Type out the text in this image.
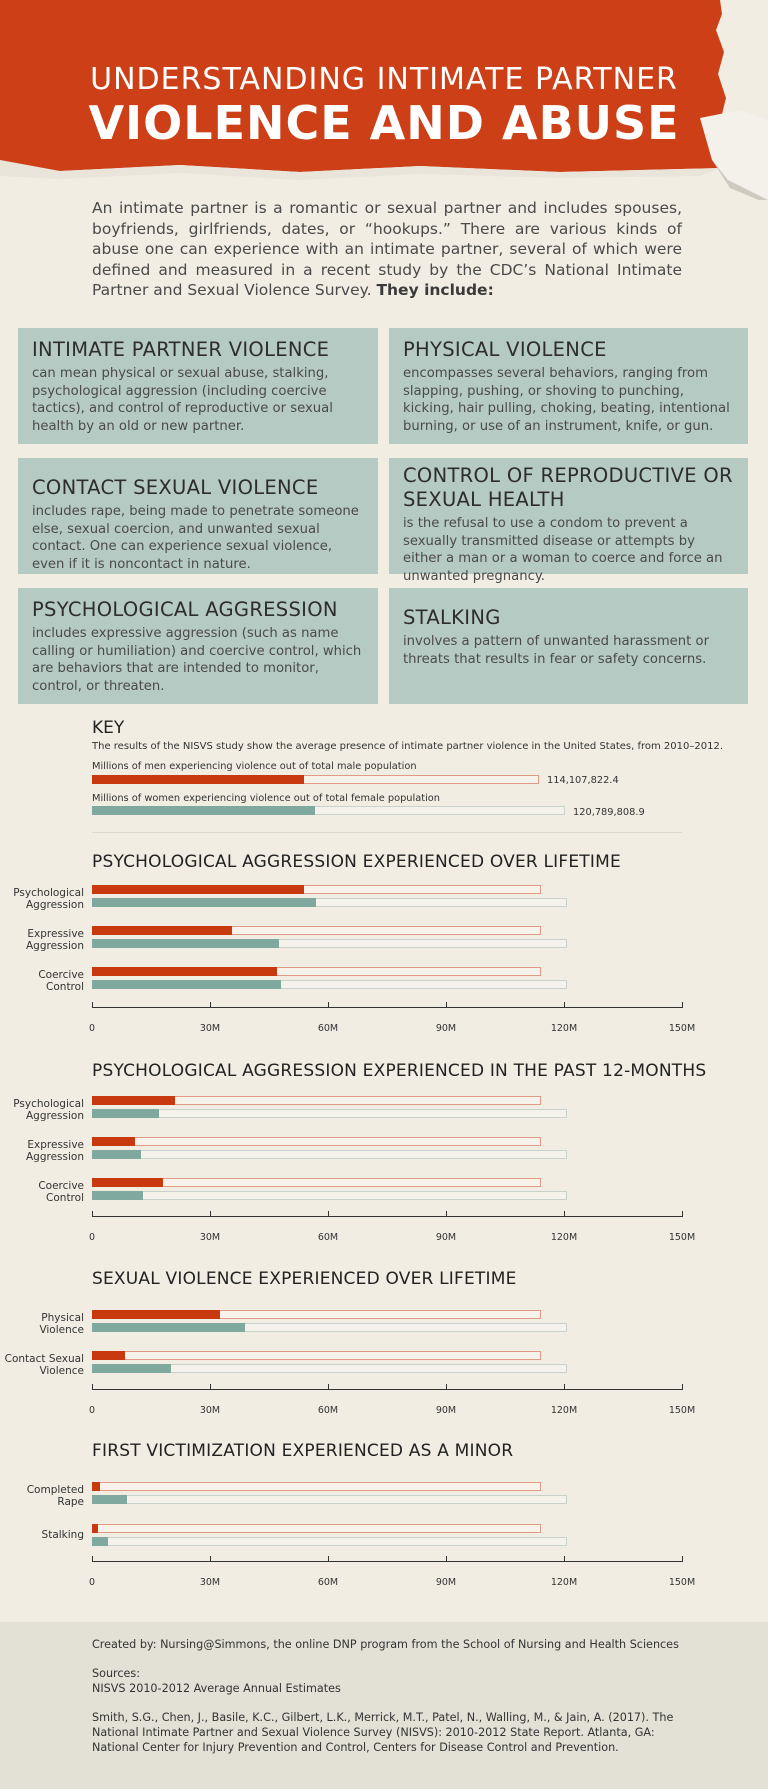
UNDERSTANDING INTIMATE PARTNER
VIOLENCE AND ABUSE
An intimate partner is a romantic or sexual partner and includes spouses, boyfriends, girlfriends, dates, or “hookups.” There are various kinds of abuse one can experience with an intimate partner, several of which were defined and measured in a recent study by the CDC’s National Intimate Partner and Sexual Violence Survey. They include:
INTIMATE PARTNER VIOLENCE

can mean physical or sexual abuse, stalking, psychological aggression (including coercive tactics), and control of reproductive or sexual health by an old or new partner.

PHYSICAL VIOLENCE

encompasses several behaviors, ranging from slapping, pushing, or shoving to punching, kicking, hair pulling, choking, beating, intentional burning, or use of an instrument, knife, or gun.

CONTACT SEXUAL VIOLENCE

includes rape, being made to penetrate someone else, sexual coercion, and unwanted sexual contact. One can experience sexual violence, even if it is noncontact in nature.

CONTROL OF REPRODUCTIVE OR SEXUAL HEALTH

is the refusal to use a condom to prevent a sexually transmitted disease or attempts by either a man or a woman to coerce and force an unwanted pregnancy.

PSYCHOLOGICAL AGGRESSION

includes expressive aggression (such as name calling or humiliation) and coercive control, which are behaviors that are intended to monitor, control, or threaten.

STALKING

involves a pattern of unwanted harassment or threats that results in fear or safety concerns.

KEY
The results of the NISVS study show the average presence of intimate partner violence in the United States, from 2010–2012.
Millions of men experiencing violence out of total male population
114,107,822.4
Millions of women experiencing violence out of total female population
120,789,808.9
PSYCHOLOGICAL AGGRESSION EXPERIENCED OVER LIFETIME
Psychological
Aggression
Expressive
Aggression
Coercive
Control
0	30M	60M	90M	120M	150M
PSYCHOLOGICAL AGGRESSION EXPERIENCED IN THE PAST 12-MONTHS
Psychological
Aggression
Expressive
Aggression
Coercive
Control
0	30M	60M	90M	120M	150M
SEXUAL VIOLENCE EXPERIENCED OVER LIFETIME
Physical
Violence
Contact Sexual
Violence
0	30M	60M	90M	120M	150M
FIRST VICTIMIZATION EXPERIENCED AS A MINOR
Completed
Rape
Stalking
0	30M	60M	90M	120M	150M
Created by: Nursing@Simmons, the online DNP program from the School of Nursing and Health Sciences
Sources:
NISVS 2010-2012 Average Annual Estimates
Smith, S.G., Chen, J., Basile, K.C., Gilbert, L.K., Merrick, M.T., Patel, N., Walling, M., & Jain, A. (2017). The National Intimate Partner and Sexual Violence Survey (NISVS): 2010-2012 State Report. Atlanta, GA: National Center for Injury Prevention and Control, Centers for Disease Control and Prevention.
